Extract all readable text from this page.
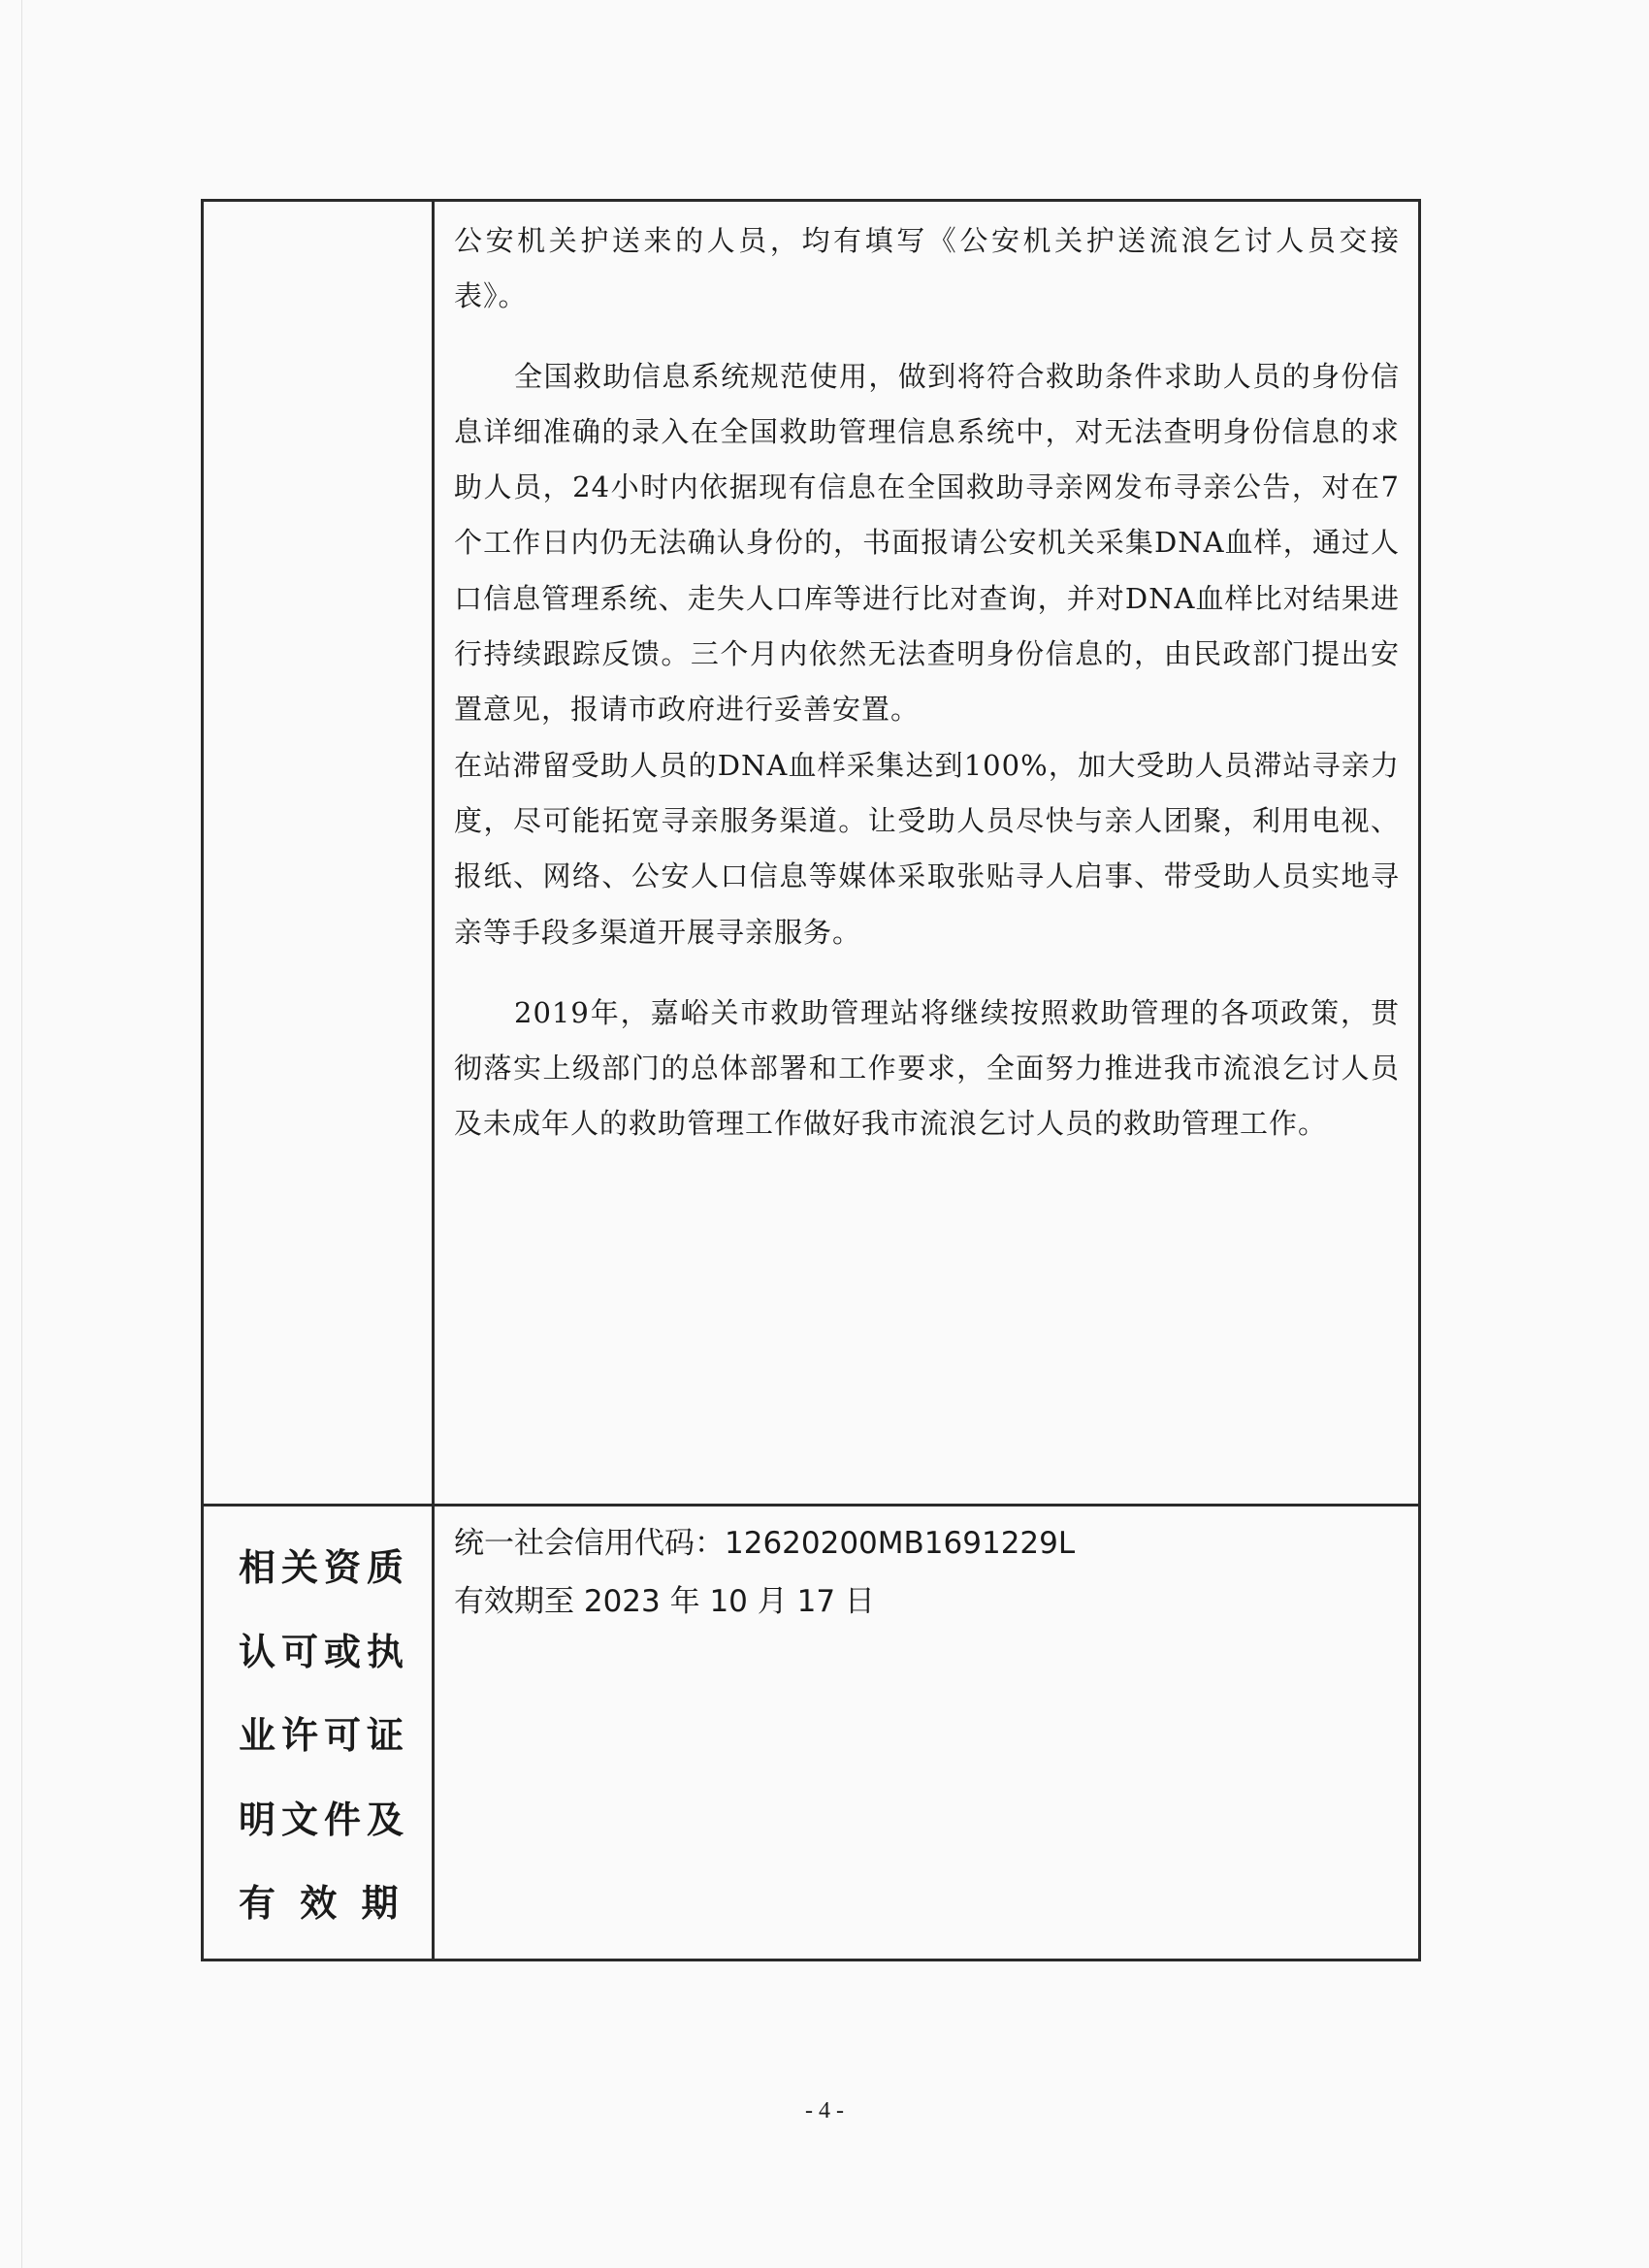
公安机关护送来的人员，均有填写《公安机关护送流浪乞讨人员交接表》。

全国救助信息系统规范使用，做到将符合救助条件求助人员的身份信息详细准确的录入在全国救助管理信息系统中，对无法查明身份信息的求助人员，24小时内依据现有信息在全国救助寻亲网发布寻亲公告，对在7个工作日内仍无法确认身份的，书面报请公安机关采集DNA血样，通过人口信息管理系统、走失人口库等进行比对查询，并对DNA血样比对结果进行持续跟踪反馈。三个月内依然无法查明身份信息的，由民政部门提出安置意见，报请市政府进行妥善安置。

在站滞留受助人员的DNA血样采集达到100%，加大受助人员滞站寻亲力度，尽可能拓宽寻亲服务渠道。让受助人员尽快与亲人团聚，利用电视、报纸、网络、公安人口信息等媒体采取张贴寻人启事、带受助人员实地寻亲等手段多渠道开展寻亲服务。

2019年，嘉峪关市救助管理站将继续按照救助管理的各项政策，贯彻落实上级部门的总体部署和工作要求，全面努力推进我市流浪乞讨人员及未成年人的救助管理工作做好我市流浪乞讨人员的救助管理工作。

相关资质
认可或执
业许可证
明文件及
有 效 期
统一社会信用代码：12620200MB1691229L
有效期至 2023 年 10 月 17 日
- 4 -
